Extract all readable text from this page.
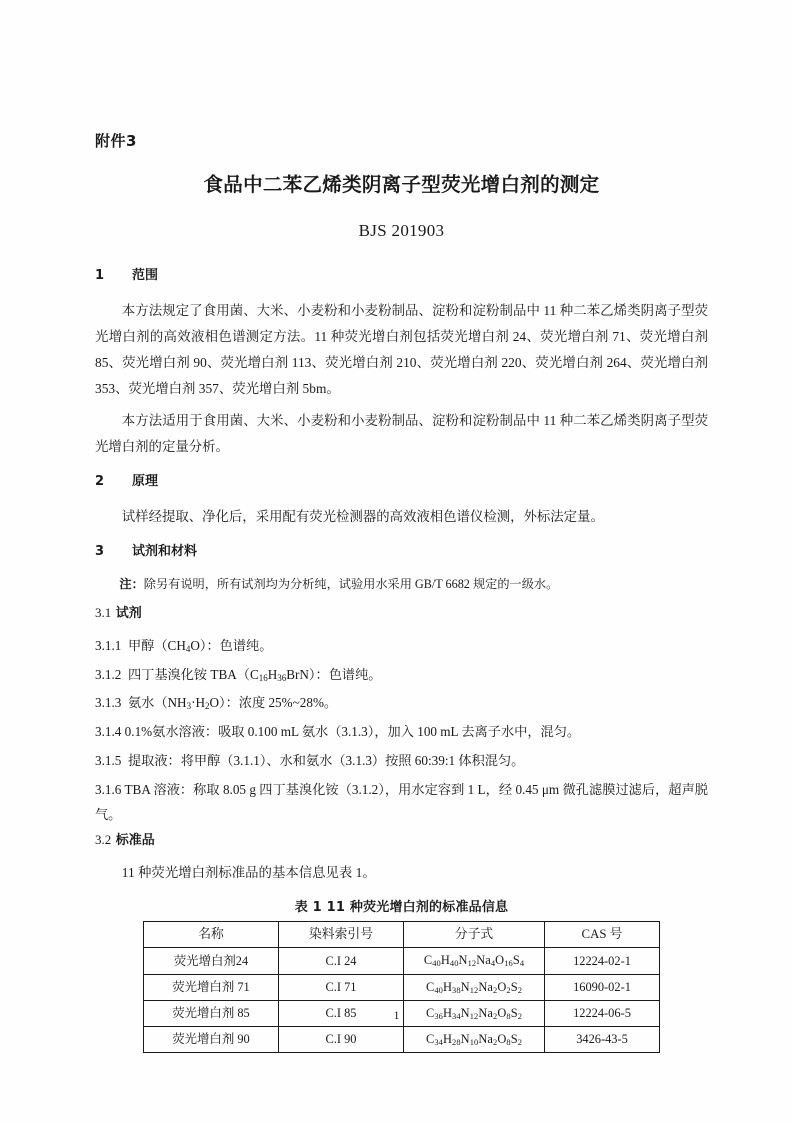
附件3
食品中二苯乙烯类阴离子型荧光增白剂的测定
BJS 201903
1	范围

本方法规定了食用菌、大米、小麦粉和小麦粉制品、淀粉和淀粉制品中 11 种二苯乙烯类阴离子型荧光增白剂的高效液相色谱测定方法。11 种荧光增白剂包括荧光增白剂 24、荧光增白剂 71、荧光增白剂 85、荧光增白剂 90、荧光增白剂 113、荧光增白剂 210、荧光增白剂 220、荧光增白剂 264、荧光增白剂 353、荧光增白剂 357、荧光增白剂 5bm。

本方法适用于食用菌、大米、小麦粉和小麦粉制品、淀粉和淀粉制品中 11 种二苯乙烯类阴离子型荧光增白剂的定量分析。

2	原理

试样经提取、净化后，采用配有荧光检测器的高效液相色谱仪检测，外标法定量。

3	试剂和材料

注：除另有说明，所有试剂均为分析纯，试验用水采用 GB/T 6682 规定的一级水。

3.1 试剂

3.1.1 甲醇$(CH_4O)$：色谱纯。

3.1.2 四丁基溴化铵 $TBA(C_{16}H_{36}BrN)$：色谱纯。

3.1.3 氨水$(NH_3\cdot H_2O)$：浓度 25%~28%。

3.1.4 0.1%氨水溶液：吸取 0.100 mL 氨水（3.1.3），加入 100 mL 去离子水中，混匀。

3.1.5 提取液：将甲醇（3.1.1）、水和氨水（3.1.3）按照 60:39:1 体积混匀。

3.1.6 TBA 溶液：称取 8.05 g 四丁基溴化铵（3.1.2），用水定容到 1 L，经 0.45 μm 微孔滤膜过滤后，超声脱气。

3.2 标准品

11 种荧光增白剂标准品的基本信息见表 1。

表 1 11 种荧光增白剂的标准品信息
名称	染料索引号	分子式	CAS 号
荧光增白剂24	C.I 24	$C_{40}H_{40}N_{12}Na_4O_{16}S_4$	12224-02-1
荧光增白剂 71	C.I 71	$C_{40}H_{38}N_{12}Na_2O_2S_2$	16090-02-1
荧光增白剂 85	C.I 85	$C_{36}H_{34}N_{12}Na_2O_8S_2$	12224-06-5
荧光增白剂 90	C.I 90	$C_{34}H_{28}N_{10}Na_2O_8S_2$	3426-43-5
1
